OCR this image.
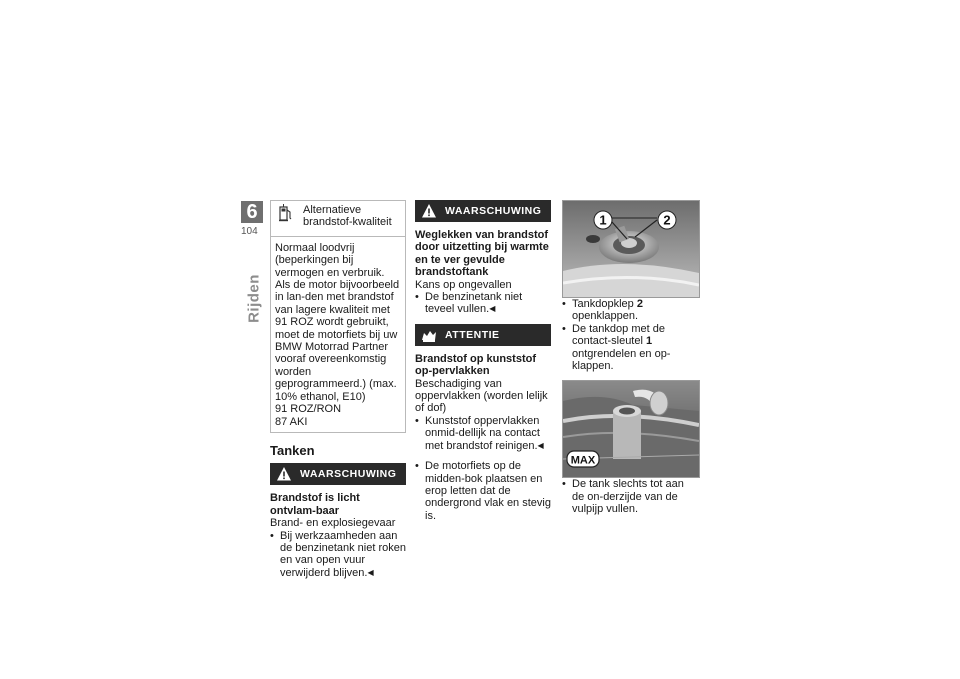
6
104
Rijden
Alternatieve brandstof-kwaliteit

Normaal loodvrij (beperkingen bij vermogen en verbruik. Als de motor bijvoorbeeld in lan-den met brandstof van lagere kwaliteit met 91 ROZ wordt gebruikt, moet de motorfiets bij uw BMW Motorrad Partner vooraf overeenkomstig worden geprogrammeerd.) (max. 10% ethanol, E10)

91 ROZ/RON

87 AKI

Tanken
WAARSCHUWING
Brandstof is licht ontvlam-baar

Brand- en explosiegevaar

• Bij werkzaamheden aan de benzinetank niet roken en van open vuur verwijderd blijven.◀
WAARSCHUWING
Weglekken van brandstof door uitzetting bij warmte en te ver gevulde brandstoftank

Kans op ongevallen

• De benzinetank niet teveel vullen.◀
ATTENTIE
Brandstof op kunststof op-pervlakken

Beschadiging van oppervlakken (worden lelijk of dof)

• Kunststof oppervlakken onmid-dellijk na contact met brandstof reinigen.◀
• De motorfiets op de midden-bok plaatsen en erop letten dat de ondergrond vlak en stevig is.
1	2
• Tankdopklep 2 openklappen.
• De tankdop met de contact-sleutel 1 ontgrendelen en op-klappen.
MAX
• De tank slechts tot aan de on-derzijde van de vulpijp vullen.
